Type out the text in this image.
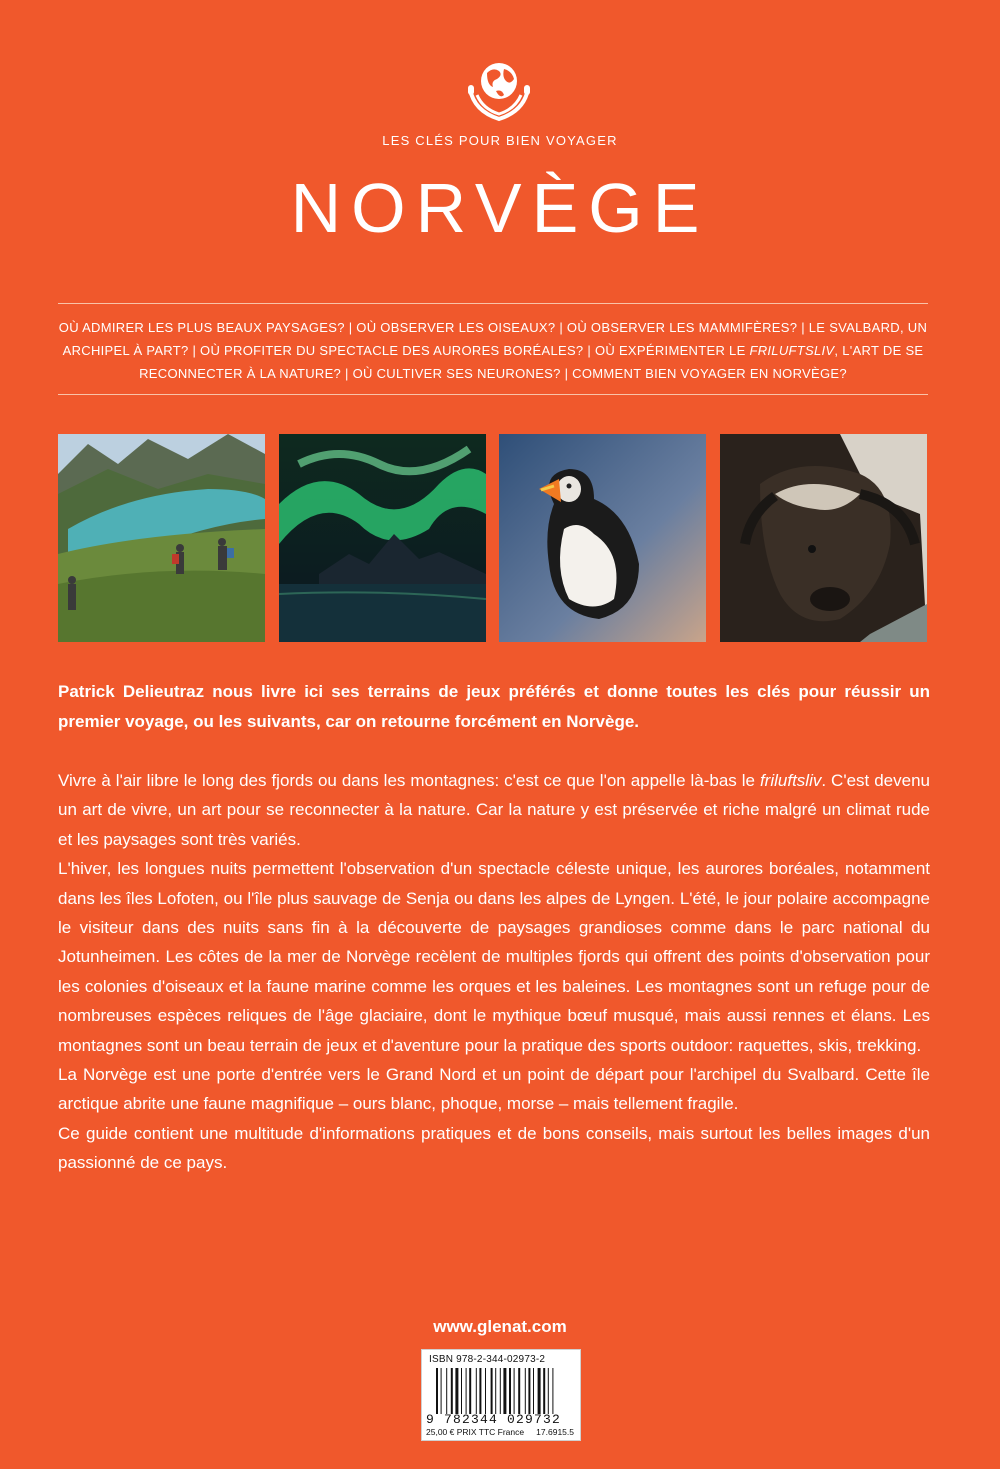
LES CLÉS POUR BIEN VOYAGER
NORVÈGE
OÙ ADMIRER LES PLUS BEAUX PAYSAGES? | OÙ OBSERVER LES OISEAUX? | OÙ OBSERVER LES MAMMIFÈRES? | LE SVALBARD, UN ARCHIPEL À PART? | OÙ PROFITER DU SPECTACLE DES AURORES BORÉALES? | OÙ EXPÉRIMENTER LE FRILUFTSLIV, L'ART DE SE RECONNECTER À LA NATURE? | OÙ CULTIVER SES NEURONES? | COMMENT BIEN VOYAGER EN NORVÈGE?
Patrick Delieutraz nous livre ici ses terrains de jeux préférés et donne toutes les clés pour réussir un premier voyage, ou les suivants, car on retourne forcément en Norvège.

Vivre à l'air libre le long des fjords ou dans les montagnes: c'est ce que l'on appelle là-bas le friluftsliv. C'est devenu un art de vivre, un art pour se reconnecter à la nature. Car la nature y est préservée et riche malgré un climat rude et les paysages sont très variés.

L'hiver, les longues nuits permettent l'observation d'un spectacle céleste unique, les aurores boréales, notamment dans les îles Lofoten, ou l'île plus sauvage de Senja ou dans les alpes de Lyngen. L'été, le jour polaire accompagne le visiteur dans des nuits sans fin à la découverte de paysages grandioses comme dans le parc national du Jotunheimen. Les côtes de la mer de Norvège recèlent de multiples fjords qui offrent des points d'observation pour les colonies d'oiseaux et la faune marine comme les orques et les baleines. Les montagnes sont un refuge pour de nombreuses espèces reliques de l'âge glaciaire, dont le mythique bœuf musqué, mais aussi rennes et élans. Les montagnes sont un beau terrain de jeux et d'aventure pour la pratique des sports outdoor: raquettes, skis, trekking.

La Norvège est une porte d'entrée vers le Grand Nord et un point de départ pour l'archipel du Svalbard. Cette île arctique abrite une faune magnifique – ours blanc, phoque, morse – mais tellement fragile.

Ce guide contient une multitude d'informations pratiques et de bons conseils, mais surtout les belles images d'un passionné de ce pays.

www.glenat.com
ISBN 978-2-344-02973-2
9 782344 029732
25,00 € PRIX TTC France 17.6915.5
